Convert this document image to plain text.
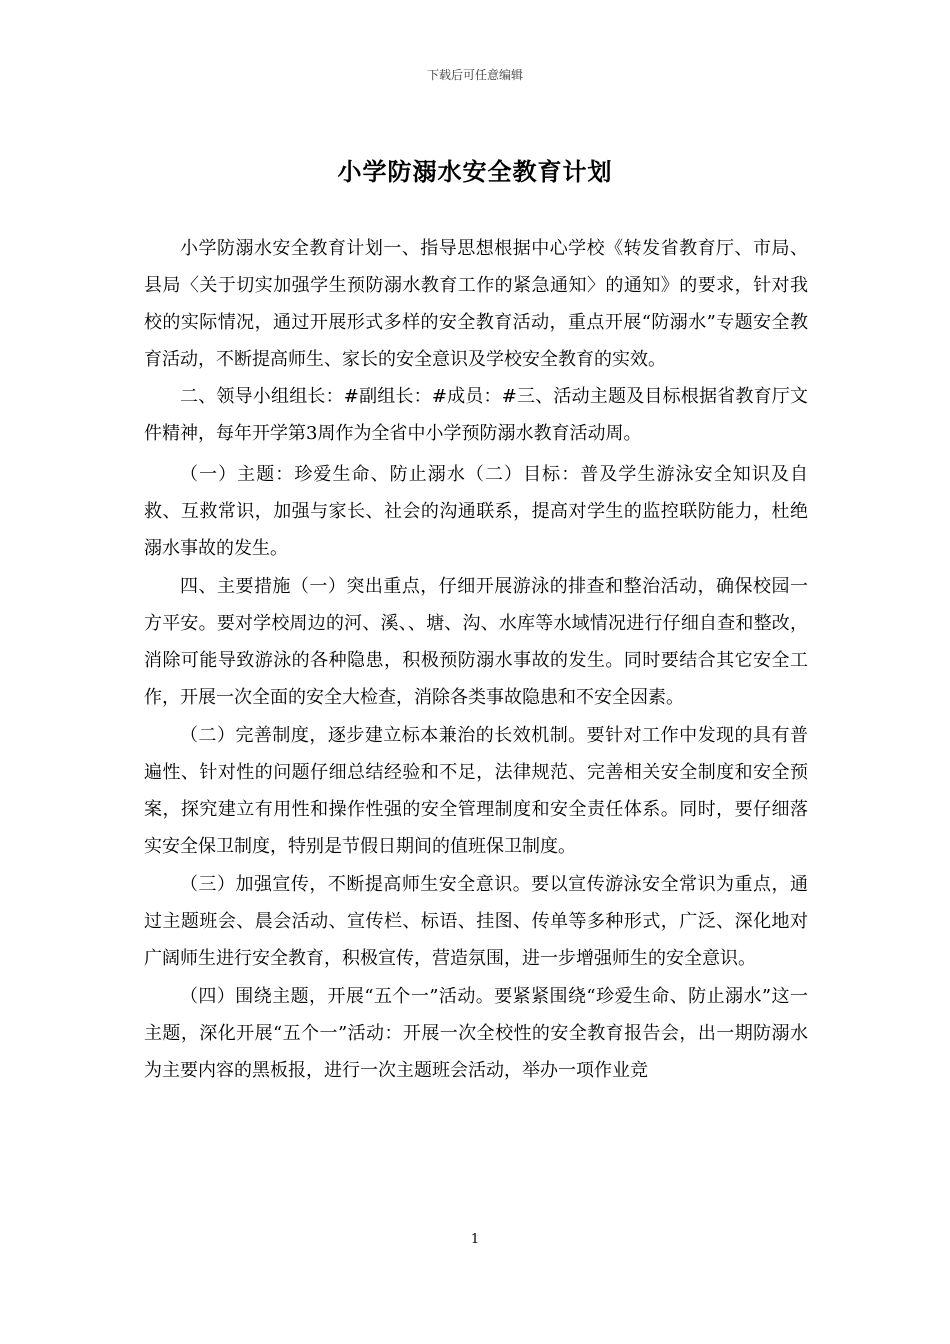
下载后可任意编辑
小学防溺水安全教育计划

小学防溺水安全教育计划一、指导思想根据中心学校《转发省教育厅、市局、县局〈关于切实加强学生预防溺水教育工作的紧急通知〉的通知》的要求，针对我校的实际情况，通过开展形式多样的安全教育活动，重点开展“防溺水”专题安全教育活动，不断提高师生、家长的安全意识及学校安全教育的实效。

二、领导小组组长：#副组长：#成员：#三、活动主题及目标根据省教育厅文件精神，每年开学第3周作为全省中小学预防溺水教育活动周。

（一）主题：珍爱生命、防止溺水（二）目标：普及学生游泳安全知识及自救、互救常识，加强与家长、社会的沟通联系，提高对学生的监控联防能力，杜绝溺水事故的发生。

四、主要措施（一）突出重点，仔细开展游泳的排查和整治活动，确保校园一方平安。要对学校周边的河、溪、、塘、沟、水库等水域情况进行仔细自查和整改，消除可能导致游泳的各种隐患，积极预防溺水事故的发生。同时要结合其它安全工作，开展一次全面的安全大检查，消除各类事故隐患和不安全因素。

（二）完善制度，逐步建立标本兼治的长效机制。要针对工作中发现的具有普遍性、针对性的问题仔细总结经验和不足，法律规范、完善相关安全制度和安全预案，探究建立有用性和操作性强的安全管理制度和安全责任体系。同时，要仔细落实安全保卫制度，特别是节假日期间的值班保卫制度。

（三）加强宣传，不断提高师生安全意识。要以宣传游泳安全常识为重点，通过主题班会、晨会活动、宣传栏、标语、挂图、传单等多种形式，广泛、深化地对广阔师生进行安全教育，积极宣传，营造氛围，进一步增强师生的安全意识。

（四）围绕主题，开展“五个一”活动。要紧紧围绕“珍爱生命、防止溺水”这一主题，深化开展“五个一”活动：开展一次全校性的安全教育报告会，出一期防溺水为主要内容的黑板报，进行一次主题班会活动，举办一项作业竞

1
